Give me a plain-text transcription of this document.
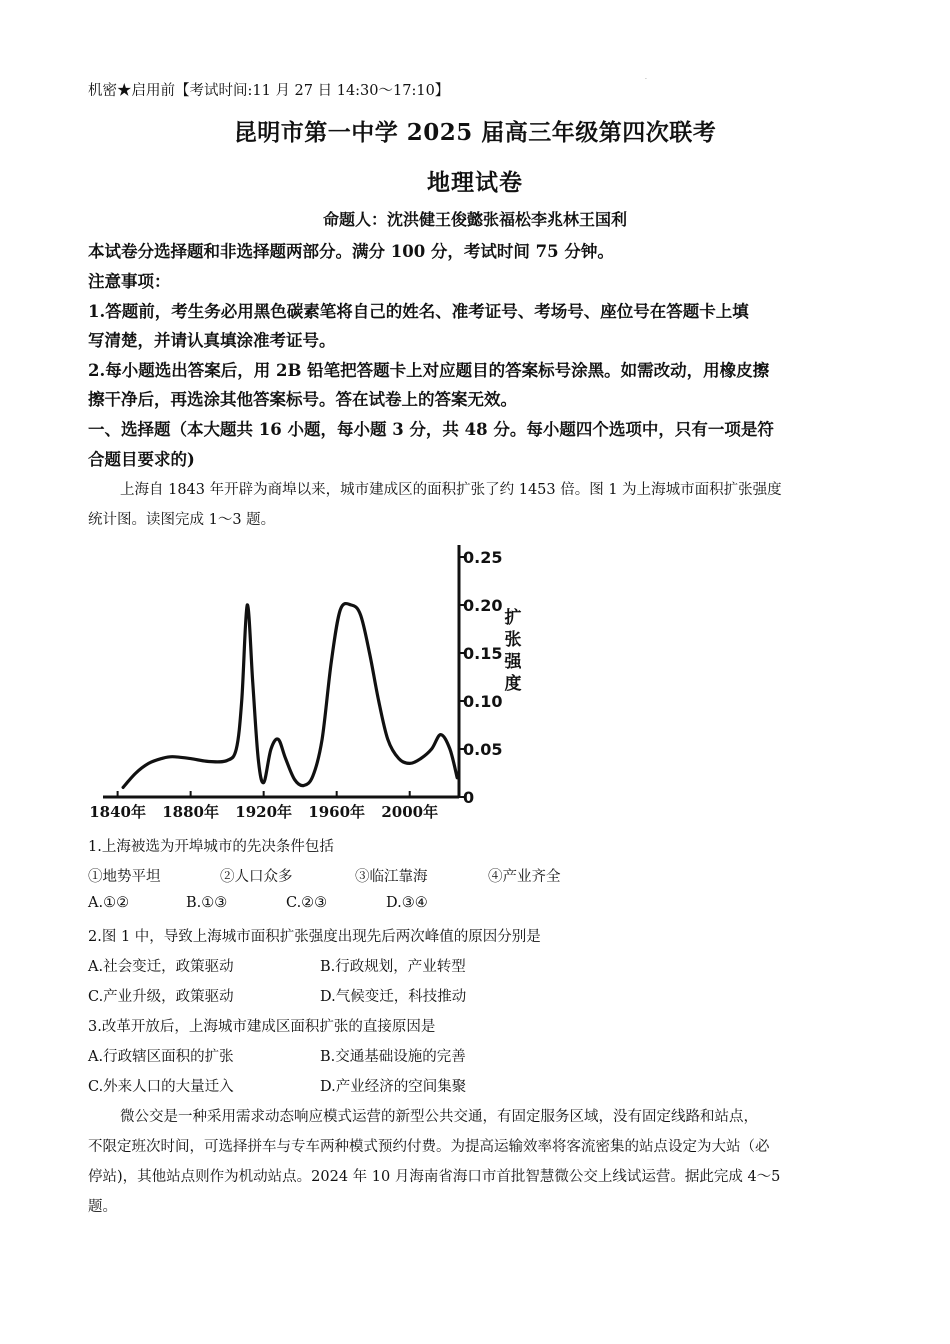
·
机密★启用前【考试时间:11 月 27 日 14:30～17:10】
昆明市第一中学 2025 届高三年级第四次联考
地理试卷
命题人：沈洪健王俊懿张福松李兆林王国利
本试卷分选择题和非选择题两部分。满分 100 分，考试时间 75 分钟。
注意事项：
1.答题前，考生务必用黑色碳素笔将自己的姓名、准考证号、考场号、座位号在答题卡上填
写清楚，并请认真填涂准考证号。
2.每小题选出答案后，用 2B 铅笔把答题卡上对应题目的答案标号涂黑。如需改动，用橡皮擦
擦干净后，再选涂其他答案标号。答在试卷上的答案无效。
一、选择题（本大题共 16 小题，每小题 3 分，共 48 分。每小题四个选项中，只有一项是符
合题目要求的)
上海自 1843 年开辟为商埠以来，城市建成区的面积扩张了约 1453 倍。图 1 为上海城市面积扩张强度
统计图。读图完成 1～3 题。
1840年 1880年 1920年 1960年 2000年
0
0.05
0.10
0.15
0.20
0.25
扩
张
强
度
1.上海被选为开埠城市的先决条件包括
①地势平坦	②人口众多	③临江靠海	④产业齐全
A.①②	B.①③	C.②③	D.③④
2.图 1 中，导致上海城市面积扩张强度出现先后两次峰值的原因分别是
A.社会变迁，政策驱动	B.行政规划，产业转型
C.产业升级，政策驱动	D.气候变迁，科技推动
3.改革开放后，上海城市建成区面积扩张的直接原因是
A.行政辖区面积的扩张	B.交通基础设施的完善
C.外来人口的大量迁入	D.产业经济的空间集聚
微公交是一种采用需求动态响应模式运营的新型公共交通，有固定服务区域，没有固定线路和站点，
不限定班次时间，可选择拼车与专车两种模式预约付费。为提高运输效率将客流密集的站点设定为大站（必
停站)，其他站点则作为机动站点。2024 年 10 月海南省海口市首批智慧微公交上线试运营。据此完成 4～5
题。
